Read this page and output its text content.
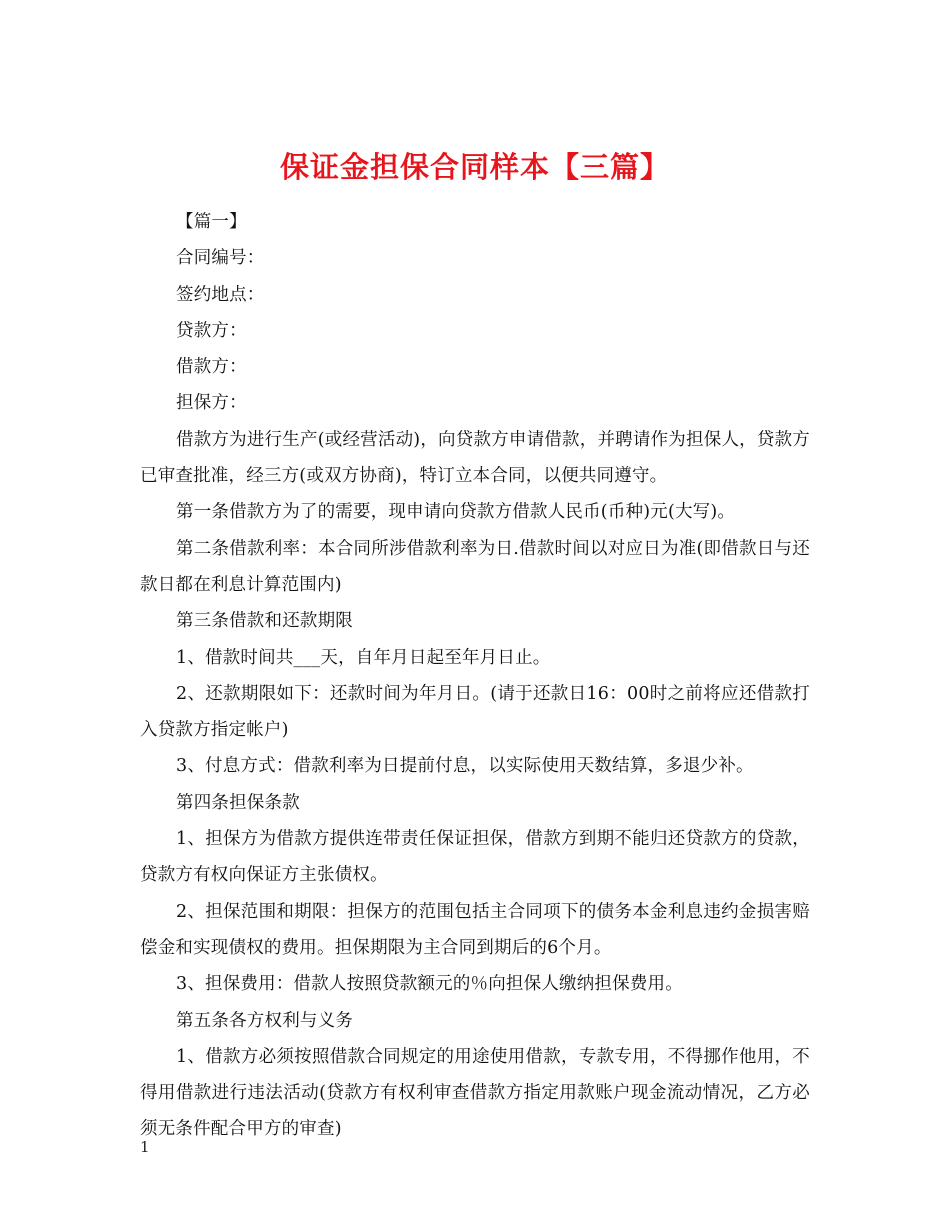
保证金担保合同样本【三篇】

【篇一】

合同编号：

签约地点：

贷款方：

借款方：

担保方：

借款方为进行生产(或经营活动)，向贷款方申请借款，并聘请作为担保人，贷款方已审查批准，经三方(或双方协商)，特订立本合同，以便共同遵守。

第一条借款方为了的需要，现申请向贷款方借款人民币(币种)元(大写)。

第二条借款利率：本合同所涉借款利率为日.借款时间以对应日为准(即借款日与还款日都在利息计算范围内)

第三条借款和还款期限

1、借款时间共___天，自年月日起至年月日止。

2、还款期限如下：还款时间为年月日。(请于还款日16：00时之前将应还借款打入贷款方指定帐户)

3、付息方式：借款利率为日提前付息，以实际使用天数结算，多退少补。

第四条担保条款

1、担保方为借款方提供连带责任保证担保，借款方到期不能归还贷款方的贷款，贷款方有权向保证方主张债权。

2、担保范围和期限：担保方的范围包括主合同项下的债务本金利息违约金损害赔偿金和实现债权的费用。担保期限为主合同到期后的6个月。

3、担保费用：借款人按照贷款额元的％向担保人缴纳担保费用。

第五条各方权利与义务

1、借款方必须按照借款合同规定的用途使用借款，专款专用，不得挪作他用，不得用借款进行违法活动(贷款方有权利审查借款方指定用款账户现金流动情况，乙方必须无条件配合甲方的审查)

1
